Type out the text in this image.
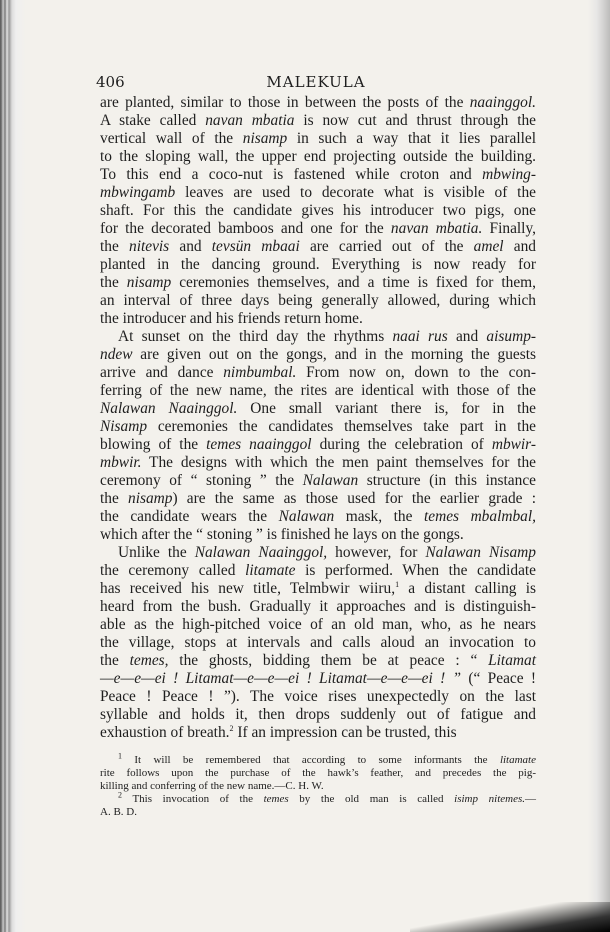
406	MALEKULA
are planted, similar to those in between the posts of the naainggol.
A stake called navan mbatia is now cut and thrust through the
vertical wall of the nisamp in such a way that it lies parallel
to the sloping wall, the upper end projecting outside the building.
To this end a coco-nut is fastened while croton and mbwing-
mbwingamb leaves are used to decorate what is visible of the
shaft. For this the candidate gives his introducer two pigs, one
for the decorated bamboos and one for the navan mbatia. Finally,
the nitevis and tevsün mbaai are carried out of the amel and
planted in the dancing ground. Everything is now ready for
the nisamp ceremonies themselves, and a time is fixed for them,
an interval of three days being generally allowed, during which
the introducer and his friends return home.
At sunset on the third day the rhythms naai rus and aisump-
ndew are given out on the gongs, and in the morning the guests
arrive and dance nimbumbal. From now on, down to the con-
ferring of the new name, the rites are identical with those of the
Nalawan Naainggol. One small variant there is, for in the
Nisamp ceremonies the candidates themselves take part in the
blowing of the temes naainggol during the celebration of mbwir-
mbwir. The designs with which the men paint themselves for the
ceremony of “ stoning ” the Nalawan structure (in this instance
the nisamp) are the same as those used for the earlier grade :
the candidate wears the Nalawan mask, the temes mbalmbal,
which after the “ stoning ” is finished he lays on the gongs.
Unlike the Nalawan Naainggol, however, for Nalawan Nisamp
the ceremony called litamate is performed. When the candidate
has received his new title, Telmbwir wiiru,$^1$ a distant calling is
heard from the bush. Gradually it approaches and is distinguish-
able as the high-pitched voice of an old man, who, as he nears
the village, stops at intervals and calls aloud an invocation to
the temes, the ghosts, bidding them be at peace : “ Litamat
—e—e—ei ! Litamat—e—e—ei ! Litamat—e—e—ei ! ” (“ Peace !
Peace ! Peace ! ”). The voice rises unexpectedly on the last
syllable and holds it, then drops suddenly out of fatigue and
exhaustion of breath.$^2$ If an impression can be trusted, this
$^1$ It will be remembered that according to some informants the litamate
rite follows upon the purchase of the hawk’s feather, and precedes the pig-
killing and conferring of the new name.—C. H. W.
$^2$ This invocation of the temes by the old man is called isimp nitemes.—
A. B. D.
